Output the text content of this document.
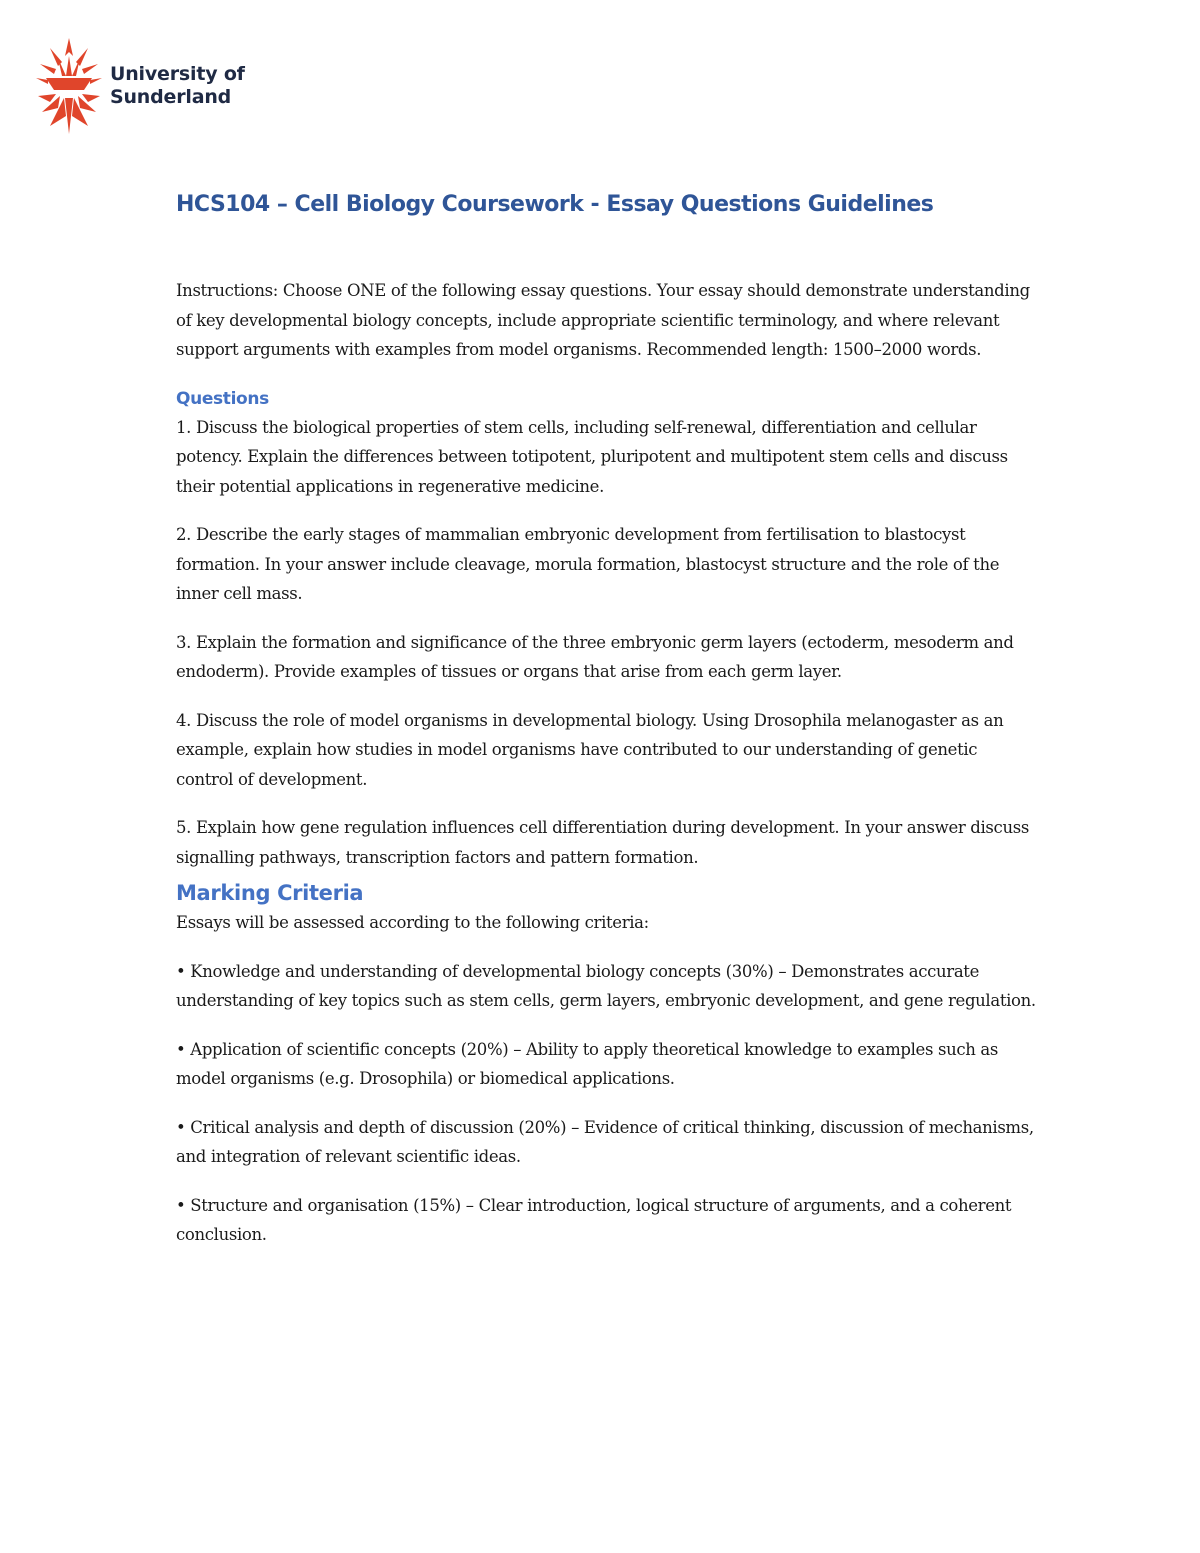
University of
Sunderland
HCS104 – Cell Biology Coursework - Essay Questions Guidelines

Instructions: Choose ONE of the following essay questions. Your essay should demonstrate understanding of key developmental biology concepts, include appropriate scientific terminology, and where relevant support arguments with examples from model organisms. Recommended length: 1500–2000 words.

Questions

1. Discuss the biological properties of stem cells, including self-renewal, differentiation and cellular potency. Explain the differences between totipotent, pluripotent and multipotent stem cells and discuss their potential applications in regenerative medicine.

2. Describe the early stages of mammalian embryonic development from fertilisation to blastocyst formation. In your answer include cleavage, morula formation, blastocyst structure and the role of the inner cell mass.

3. Explain the formation and significance of the three embryonic germ layers (ectoderm, mesoderm and endoderm). Provide examples of tissues or organs that arise from each germ layer.

4. Discuss the role of model organisms in developmental biology. Using Drosophila melanogaster as an example, explain how studies in model organisms have contributed to our understanding of genetic control of development.

5. Explain how gene regulation influences cell differentiation during development. In your answer discuss signalling pathways, transcription factors and pattern formation.

Marking Criteria

Essays will be assessed according to the following criteria:

• Knowledge and understanding of developmental biology concepts (30%) – Demonstrates accurate understanding of key topics such as stem cells, germ layers, embryonic development, and gene regulation.

• Application of scientific concepts (20%) – Ability to apply theoretical knowledge to examples such as model organisms (e.g. Drosophila) or biomedical applications.

• Critical analysis and depth of discussion (20%) – Evidence of critical thinking, discussion of mechanisms, and integration of relevant scientific ideas.

• Structure and organisation (15%) – Clear introduction, logical structure of arguments, and a coherent conclusion.
